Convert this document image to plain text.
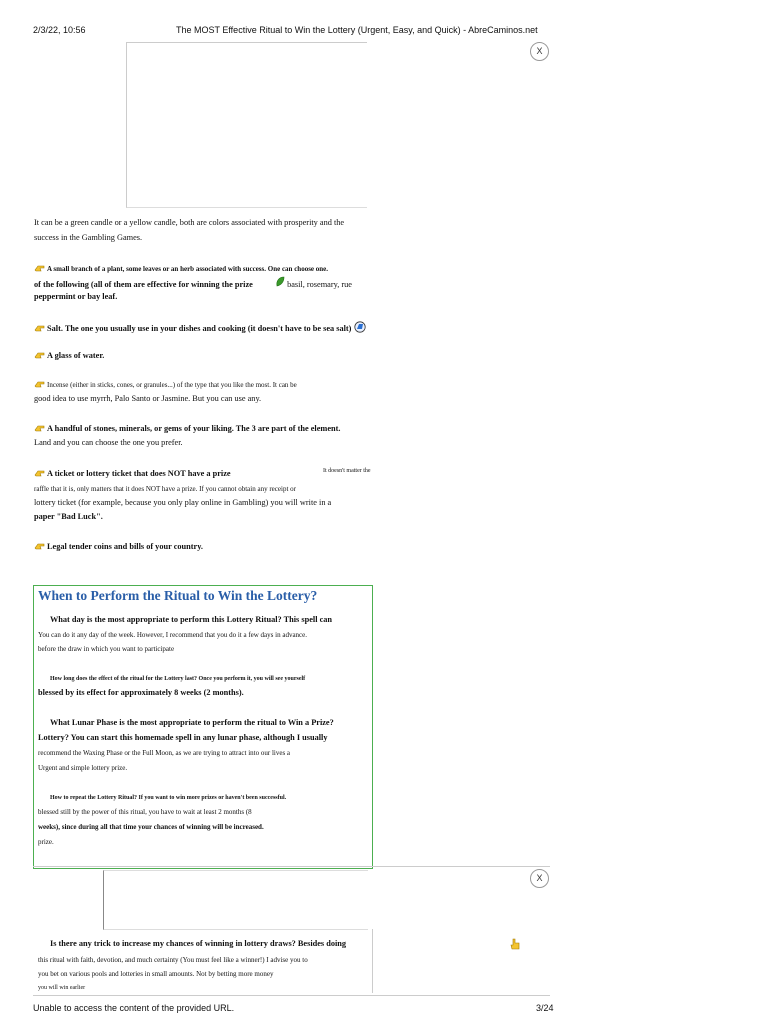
2/3/22, 10:56	The MOST Effective Ritual to Win the Lottery (Urgent, Easy, and Quick) - AbreCaminos.net
X
It can be a green candle or a yellow candle, both are colors associated with prosperity and the
success in the Gambling Games.
A small branch of a plant, some leaves or an herb associated with success. One can choose one.
of the following (all of them are effective for winning the prize	basil, rosemary, rue
peppermint or bay leaf.
Salt. The one you usually use in your dishes and cooking (it doesn't have to be sea salt)
A glass of water.
Incense (either in sticks, cones, or granules...) of the type that you like the most. It can be
good idea to use myrrh, Palo Santo or Jasmine. But you can use any.
A handful of stones, minerals, or gems of your liking. The 3 are part of the element.
Land and you can choose the one you prefer.
A ticket or lottery ticket that does NOT have a prize	It doesn't matter the
raffle that it is, only matters that it does NOT have a prize. If you cannot obtain any receipt or
lottery ticket (for example, because you only play online in Gambling) you will write in a
paper "Bad Luck".
Legal tender coins and bills of your country.
When to Perform the Ritual to Win the Lottery?
What day is the most appropriate to perform this Lottery Ritual? This spell can
You can do it any day of the week. However, I recommend that you do it a few days in advance.
before the draw in which you want to participate
How long does the effect of the ritual for the Lottery last? Once you perform it, you will see yourself
blessed by its effect for approximately 8 weeks (2 months).
What Lunar Phase is the most appropriate to perform the ritual to Win a Prize?
Lottery? You can start this homemade spell in any lunar phase, although I usually
recommend the Waxing Phase or the Full Moon, as we are trying to attract into our lives a
Urgent and simple lottery prize.
How to repeat the Lottery Ritual? If you want to win more prizes or haven't been successful.
blessed still by the power of this ritual, you have to wait at least 2 months (8
weeks), since during all that time your chances of winning will be increased.
prize.
X
Is there any trick to increase my chances of winning in lottery draws? Besides doing
this ritual with faith, devotion, and much certainty (You must feel like a winner!) I advise you to
you bet on various pools and lotteries in small amounts. Not by betting more money
you will win earlier
Unable to access the content of the provided URL.	3/24
